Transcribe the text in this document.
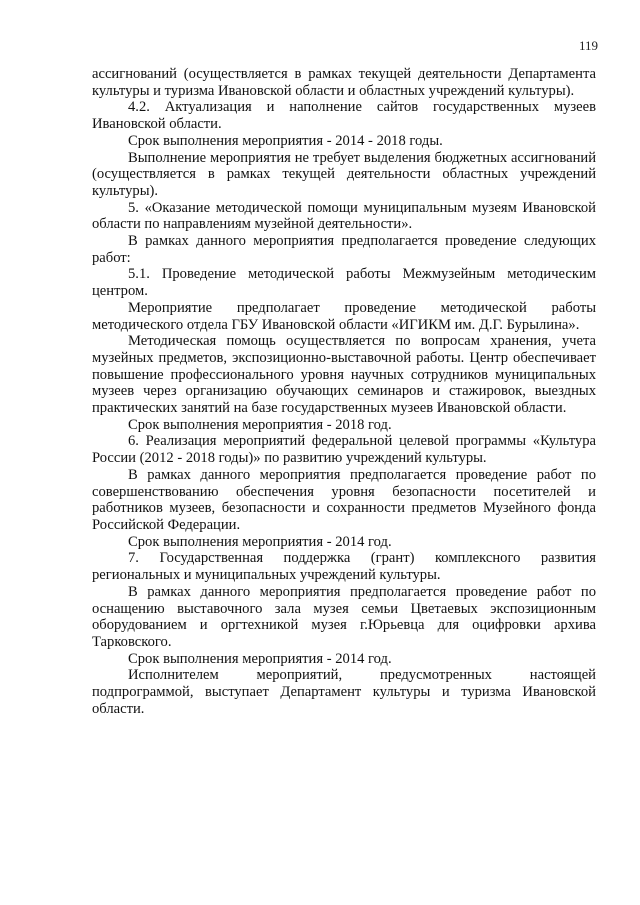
119

ассигнований (осуществляется в рамках текущей деятельности Департамента культуры и туризма Ивановской области и областных учреждений культуры).

4.2. Актуализация и наполнение сайтов государственных музеев Ивановской области.

Срок выполнения мероприятия - 2014 - 2018 годы.

Выполнение мероприятия не требует выделения бюджетных ассигнований (осуществляется в рамках текущей деятельности областных учреждений культуры).

5. «Оказание методической помощи муниципальным музеям Ивановской области по направлениям музейной деятельности».

В рамках данного мероприятия предполагается проведение следующих работ:

5.1. Проведение методической работы Межмузейным методическим центром.

Мероприятие предполагает проведение методической работы методического отдела ГБУ Ивановской области «ИГИКМ им. Д.Г. Бурылина».

Методическая помощь осуществляется по вопросам хранения, учета музейных предметов, экспозиционно-выставочной работы. Центр обеспечивает повышение профессионального уровня научных сотрудников муниципальных музеев через организацию обучающих семинаров и стажировок, выездных практических занятий на базе государственных музеев Ивановской области.

Срок выполнения мероприятия - 2018 год.

6. Реализация мероприятий федеральной целевой программы «Культура России (2012 - 2018 годы)» по развитию учреждений культуры.

В рамках данного мероприятия предполагается проведение работ по совершенствованию обеспечения уровня безопасности посетителей и работников музеев, безопасности и сохранности предметов Музейного фонда Российской Федерации.

Срок выполнения мероприятия - 2014 год.

7. Государственная поддержка (грант) комплексного развития региональных и муниципальных учреждений культуры.

В рамках данного мероприятия предполагается проведение работ по оснащению выставочного зала музея семьи Цветаевых экспозиционным оборудованием и оргтехникой музея г.Юрьевца для оцифровки архива Тарковского.

Срок выполнения мероприятия - 2014 год.

Исполнителем мероприятий, предусмотренных настоящей подпрограммой, выступает Департамент культуры и туризма Ивановской области.
